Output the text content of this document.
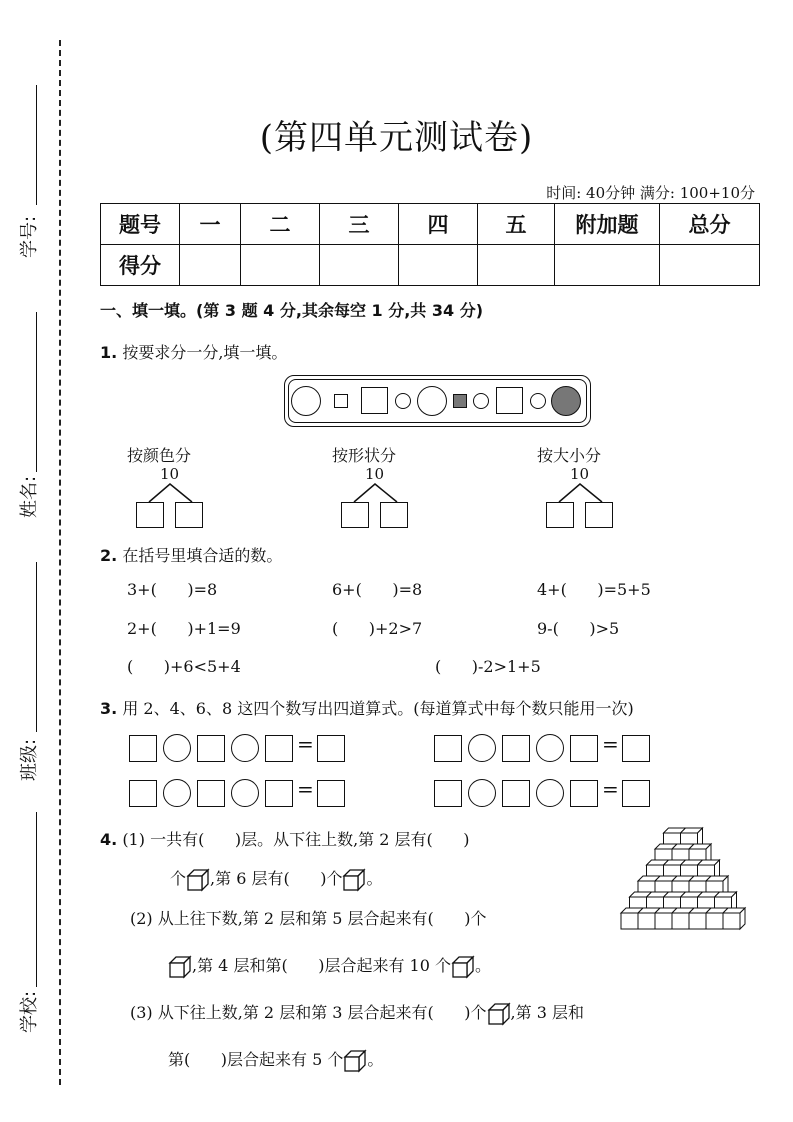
学号:
姓名:
班级:
学校:
(第四单元测试卷)
时间: 40分钟 满分: 100+10分
题号	一	二	三	四	五	附加题	总分
得分							
一、填一填。(第 3 题 4 分,其余每空 1 分,共 34 分)
1. 按要求分一分,填一填。
按颜色分
10
按形状分
10
按大小分
10
2. 在括号里填合适的数。
3+(      )=8	6+(      )=8	4+(      )=5+5
2+(      )+1=9	(      )+2>7	9-(      )>5
(      )+6<5+4	(      )-2>1+5
3. 用 2、4、6、8 这四个数写出四道算式。(每道算式中每个数只能用一次)
=	=
=	=
4. (1) 一共有(      )层。从下往上数,第 2 层有(      )
个 ,第 6 层有(      )个 。
(2) 从上往下数,第 2 层和第 5 层合起来有(      )个
,第 4 层和第(      )层合起来有 10 个 。
(3) 从下往上数,第 2 层和第 3 层合起来有(      )个 ,第 3 层和
第(      )层合起来有 5 个 。
